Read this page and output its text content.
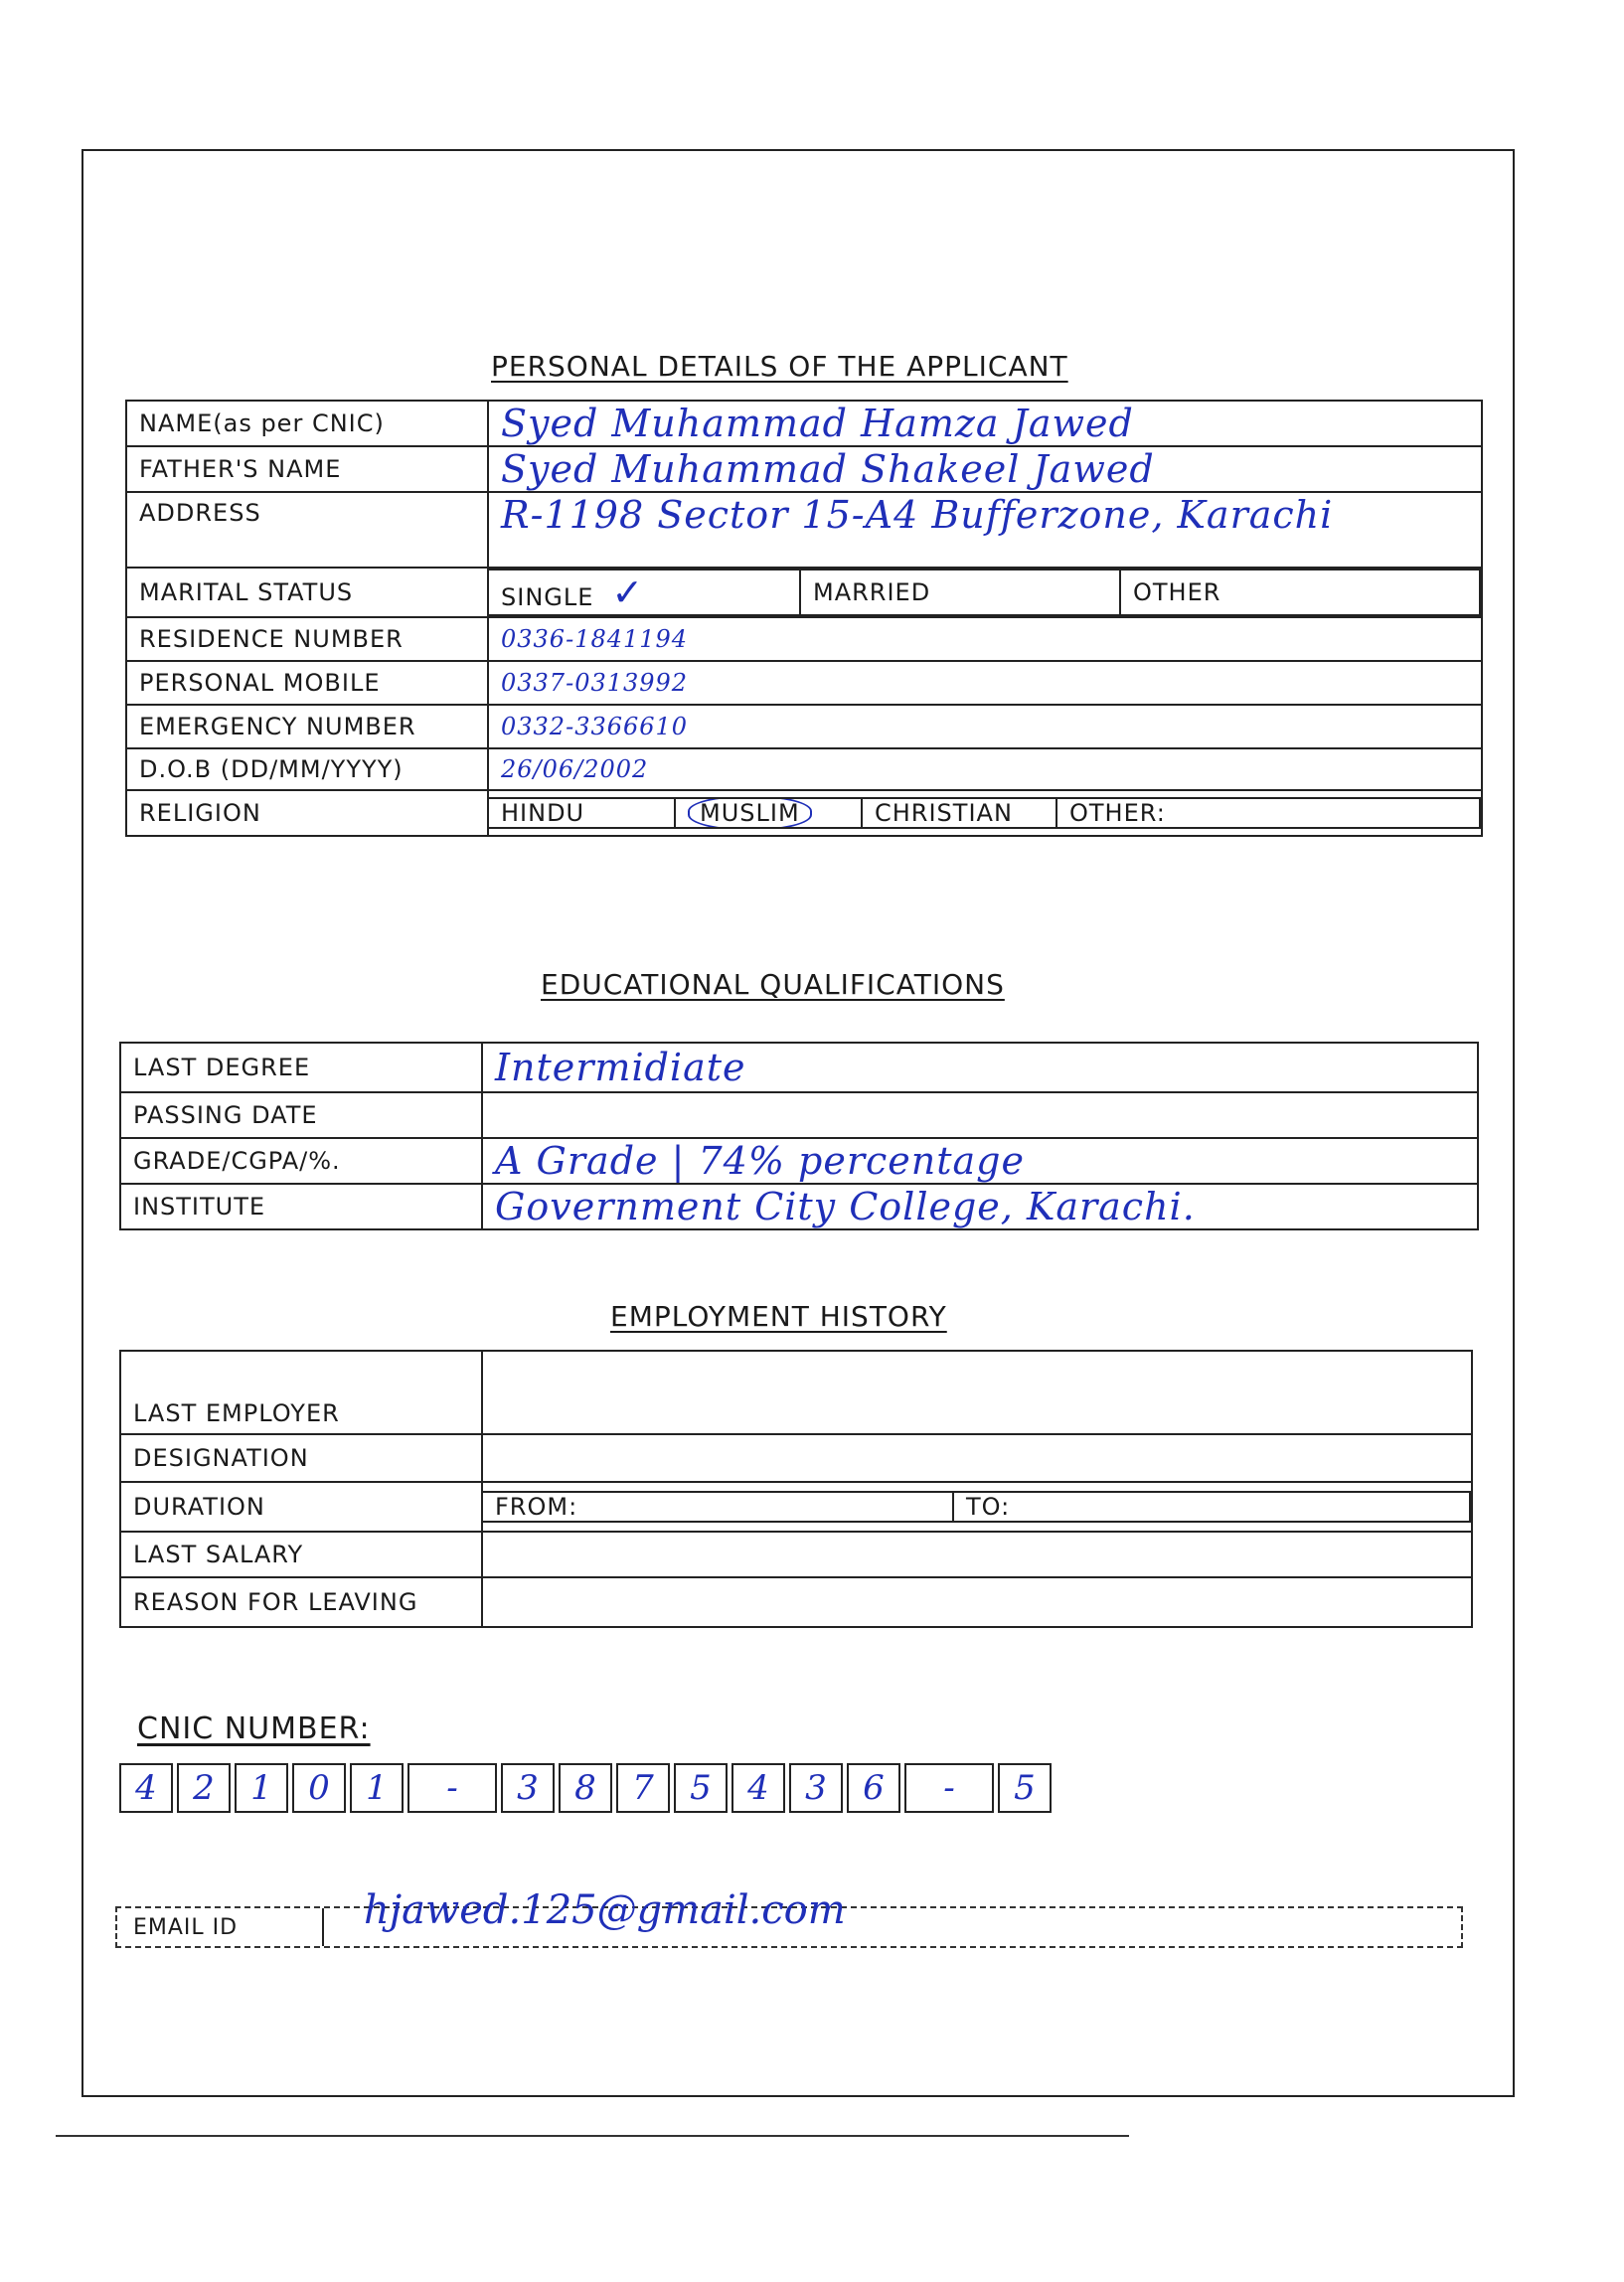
PERSONAL DETAILS OF THE APPLICANT
NAME(as per CNIC)	Syed Muhammad Hamza Jawed
FATHER'S NAME	Syed Muhammad Shakeel Jawed
ADDRESS	R-1198 Sector 15-A4 Bufferzone, Karachi
MARITAL STATUS		SINGLE ✓	MARRIED	OTHER

RESIDENCE NUMBER	0336-1841194
PERSONAL MOBILE	0337-0313992
EMERGENCY NUMBER	0332-3366610
D.O.B (DD/MM/YYYY)	26/06/2002
RELIGION		HINDU	MUSLIM	CHRISTIAN	OTHER:
EDUCATIONAL QUALIFICATIONS
LAST DEGREE	Intermidiate
PASSING DATE	
GRADE/CGPA/%.	A Grade | 74% percentage
INSTITUTE	Government City College, Karachi.
EMPLOYMENT HISTORY
LAST EMPLOYER	
DESIGNATION	
DURATION		FROM:	TO:

LAST SALARY	
REASON FOR LEAVING	
CNIC NUMBER:
4	2	1	0	1	-	3	8	7	5	4	3	6	-	5
EMAIL ID	hjawed.125@gmail.com
